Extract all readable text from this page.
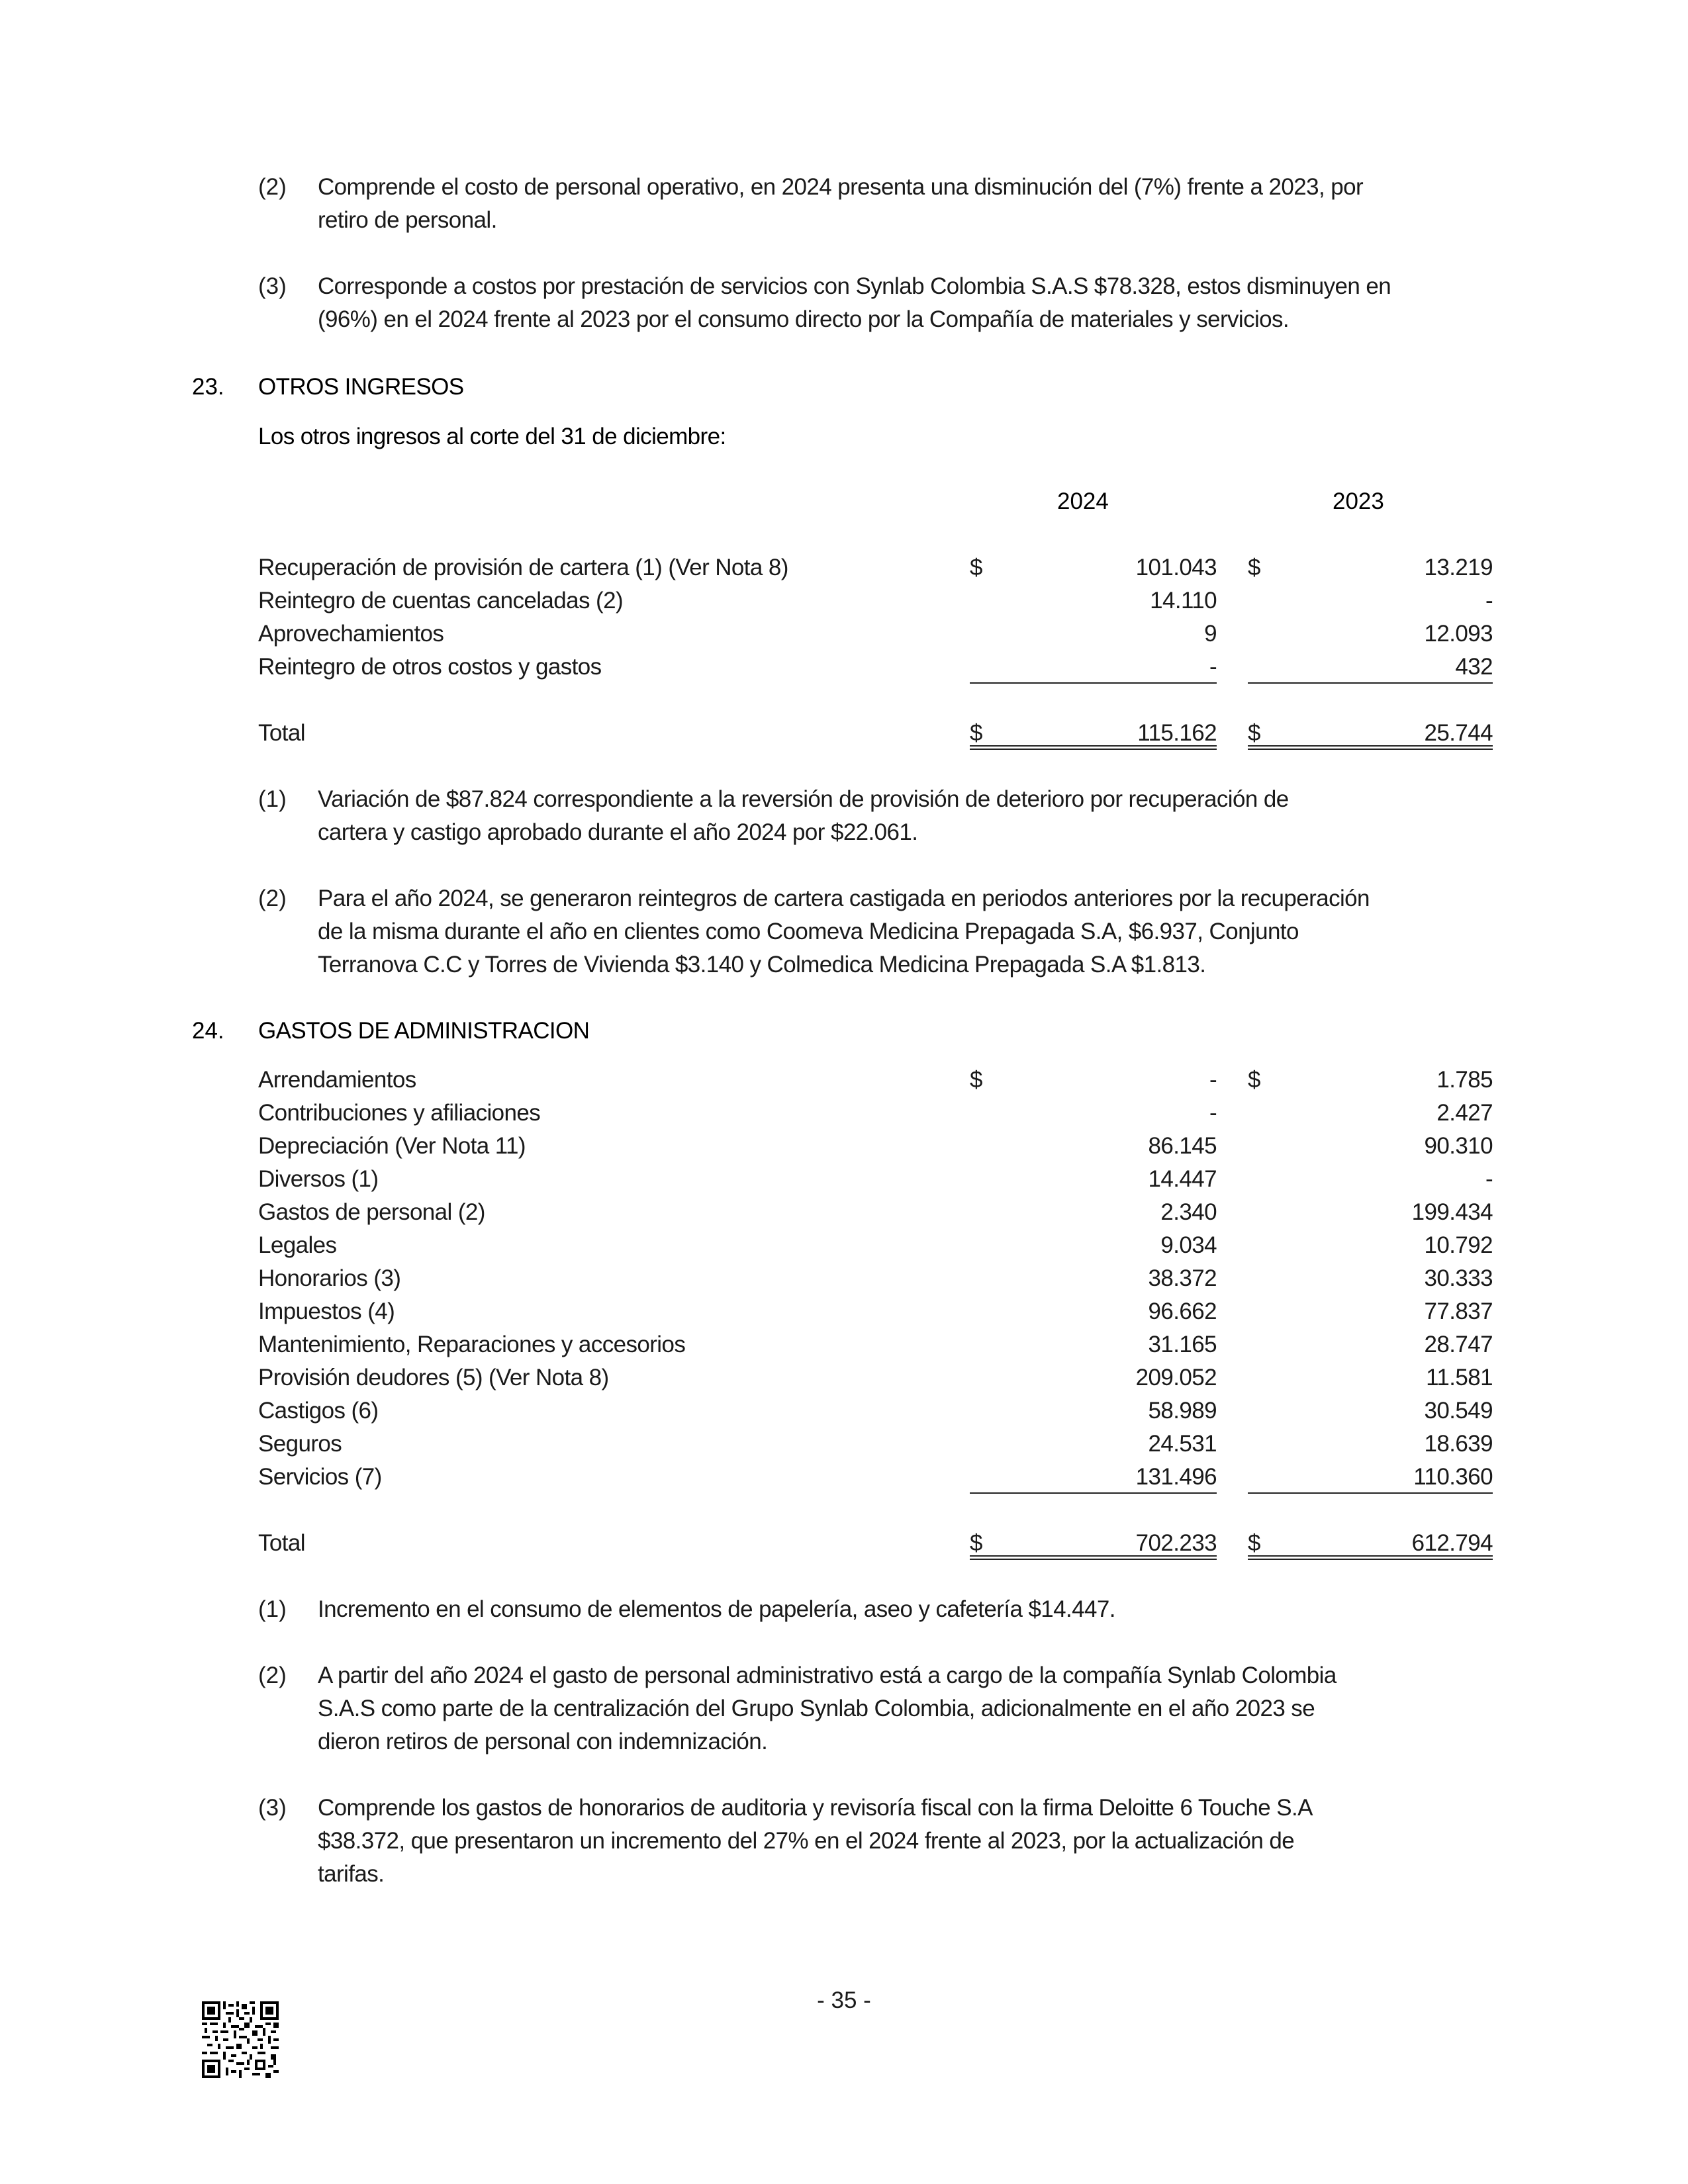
(2) Comprende el costo de personal operativo, en 2024 presenta una disminución del (7%) frente a 2023, por
retiro de personal.
(3) Corresponde a costos por prestación de servicios con Synlab Colombia S.A.S $78.328, estos disminuyen en
(96%) en el 2024 frente al 2023 por el consumo directo por la Compañía de materiales y servicios.
23. OTROS INGRESOS
Los otros ingresos al corte del 31 de diciembre:
2024	2023
Recuperación de provisión de cartera (1) (Ver Nota 8)	$	101.043 $	13.219
Reintegro de cuentas canceladas (2)	14.110	-
Aprovechamientos	9	12.093
Reintegro de otros costos y gastos	-	432
Total	$	115.162 $	25.744
(1) Variación de $87.824 correspondiente a la reversión de provisión de deterioro por recuperación de
cartera y castigo aprobado durante el año 2024 por $22.061.
(2) Para el año 2024, se generaron reintegros de cartera castigada en periodos anteriores por la recuperación
de la misma durante el año en clientes como Coomeva Medicina Prepagada S.A, $6.937, Conjunto
Terranova C.C y Torres de Vivienda $3.140 y Colmedica Medicina Prepagada S.A $1.813.
24. GASTOS DE ADMINISTRACION
Arrendamientos	$	- $	1.785
Contribuciones y afiliaciones	-	2.427
Depreciación (Ver Nota 11)	86.145	90.310
Diversos (1)	14.447	-
Gastos de personal (2)	2.340	199.434
Legales	9.034	10.792
Honorarios (3)	38.372	30.333
Impuestos (4)	96.662	77.837
Mantenimiento, Reparaciones y accesorios	31.165	28.747
Provisión deudores (5) (Ver Nota 8)	209.052	11.581
Castigos (6)	58.989	30.549
Seguros	24.531	18.639
Servicios (7)	131.496	110.360
Total	$	702.233 $	612.794
(1) Incremento en el consumo de elementos de papelería, aseo y cafetería $14.447.
(2) A partir del año 2024 el gasto de personal administrativo está a cargo de la compañía Synlab Colombia
S.A.S como parte de la centralización del Grupo Synlab Colombia, adicionalmente en el año 2023 se
dieron retiros de personal con indemnización.
(3) Comprende los gastos de honorarios de auditoria y revisoría fiscal con la firma Deloitte 6 Touche S.A
$38.372, que presentaron un incremento del 27% en el 2024 frente al 2023, por la actualización de
tarifas.
- 35 -
